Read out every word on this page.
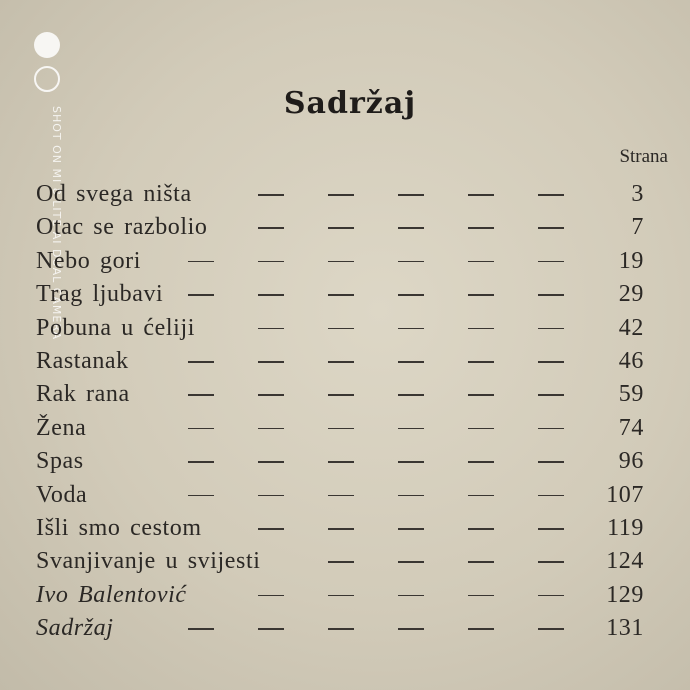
SHOT ON MI 8 LITE AI DUAL CAMERA
Sadržaj
Strana
Od svega ništa	3
Otac se razbolio	7
Nebo gori	19
Trag ljubavi	29
Pobuna u ćeliji	42
Rastanak	46
Rak rana	59
Žena	74
Spas	96
Voda	107
Išli smo cestom	119
Svanjivanje u svijesti	124
Ivo Balentović	129
Sadržaj	131
